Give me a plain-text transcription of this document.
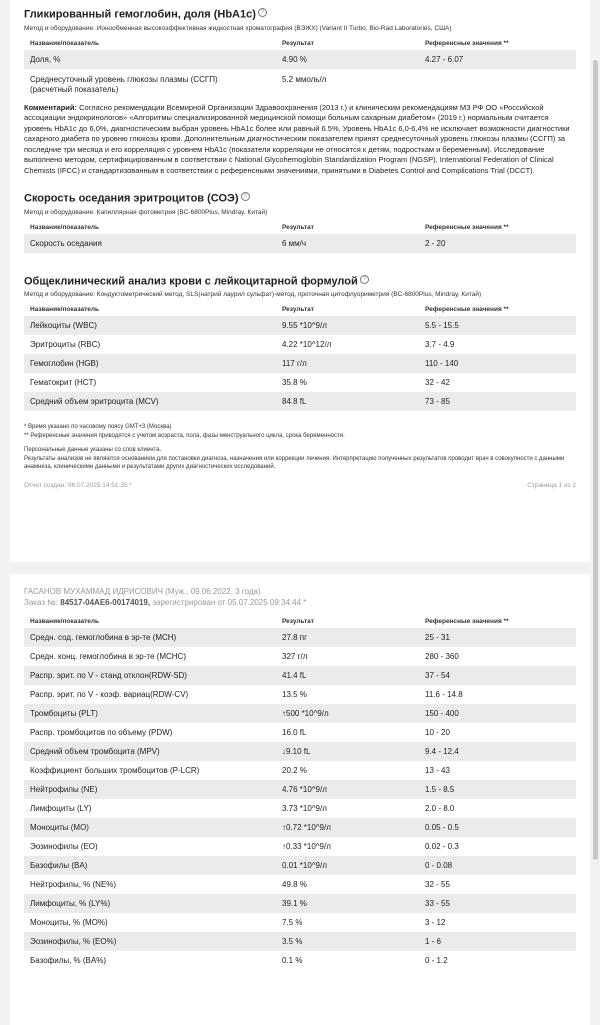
Гликированный гемоглобин, доля (HbA1c) ?
Метод и оборудование: Ионообменная высокоэффективная жидкостная хроматография (ВЭЖХ) (Variant II Turbo, Bio-Rad Laboratories, США)
Название/показатель	Результат	Референсные значения **
Доля, %	4.90 %	4.27 - 6.07
Среднесуточный уровень глюкозы плазмы (ССГП)
(расчетный показатель)	5.2 ммоль/л	
Комментарий: Согласно рекомендации Всемирной Организации Здравоохранения (2013 г.) и клиническим рекомендациям МЗ РФ ОО «Российской ассоциации эндокринологов» «Алгоритмы специализированной медицинской помощи больным сахарным диабетом» (2019 г.) нормальным считается уровень HbA1c до 6,0%, диагностическим выбран уровень HbA1c более или равный 6.5%. Уровень HbA1c 6,0-6,4% не исключает возможности диагностики сахарного диабета по уровню глюкозы крови. Дополнительным диагностическим показателем принят среднесуточный уровень глюкозы плазмы (ССГП) за последние три месяца и его корреляция с уровнем HbA1c (показатели корреляции не относятся к детям, подросткам и беременным). Исследование выполнено методом, сертифицированным в соответствии с National Glycohemoglobin Standardization Program (NGSP), International Federation of Clinical Chemists (IFCC) и стандартизованным в соответствии с референсными значениями, принятыми в Diabetes Control and Complications Trial (DCCT).
Скорость оседания эритроцитов (СОЭ) ?
Метод и оборудование: Капиллярная фотометрия (BC-6800Plus, Mindray, Китай)
Название/показатель	Результат	Референсные значения **
Скорость оседания	6 мм/ч	2 - 20
Общеклинический анализ крови с лейкоцитарной формулой ?
Метод и оборудование: Кондуктометрический метод, SLS(натрий лаурил сульфат)-метод, проточная цитофлуориметрия (BC-6800Plus, Mindray, Китай)
Название/показатель	Результат	Референсные значения **
Лейкоциты (WBC)	9.55 *10^9/л	5.5 - 15.5
Эритроциты (RBC)	4.22 *10^12/л	3.7 - 4.9
Гемоглобин (HGB)	117 г/л	110 - 140
Гематокрит (HCT)	35.8 %	32 - 42
Средний объем эритроцита (MCV)	84.8 fL	73 - 85
* Время указано по часовому поясу GMT+3 (Москва)
** Референсные значения приводятся с учетом возраста, пола, фазы менструального цикла, срока беременности.
Персональные данные указаны со слов клиента.
Результаты анализов не являются основанием для постановки диагноза, назначения или коррекции лечения. Интерпретацию полученных результатов проводит врач в совокупности с данными анамнеза, клиническими данными и результатами других диагностических исследований.
Отчет создан: 06.07.2025 14:51:35 *	Страница 1 из 2
ГАСАНОВ МУХАММАД ИДРИСОВИЧ (Муж., 09.06.2022, 3 года)
Заказ №: 84517-04AE6-00174019, зарегистрирован от 05.07.2025 09:34:44 *
Название/показатель	Результат	Референсные значения **
Средн. сод. гемоглобина в эр-те (MCH)	27.8 пг	25 - 31
Средн. конц. гемоглобина в эр-те (MCHC)	327 г/л	280 - 360
Распр. эрит. по V - станд отклон(RDW-SD)	41.4 fL	37 - 54
Распр. эрит. по V - коэф. вариац(RDW-CV)	13.5 %	11.6 - 14.8
Тромбоциты (PLT)	↑500 *10^9/л	150 - 400
Распр. тромбоцитов по объему (PDW)	16.0 fL	10 - 20
Средний объем тромбоцита (MPV)	↓9.10 fL	9.4 - 12.4
Коэффициент больших тромбоцитов (P-LCR)	20.2 %	13 - 43
Нейтрофилы (NE)	4.76 *10^9/л	1.5 - 8.5
Лимфоциты (LY)	3.73 *10^9/л	2.0 - 8.0
Моноциты (MO)	↑0.72 *10^9/л	0.05 - 0.5
Эозинофилы (EO)	↑0.33 *10^9/л	0.02 - 0.3
Базофилы (BA)	0.01 *10^9/л	0 - 0.08
Нейтрофилы, % (NE%)	49.8 %	32 - 55
Лимфоциты, % (LY%)	39.1 %	33 - 55
Моноциты, % (MO%)	7.5 %	3 - 12
Эозинофилы, % (EO%)	3.5 %	1 - 6
Базофилы, % (BA%)	0.1 %	0 - 1.2
